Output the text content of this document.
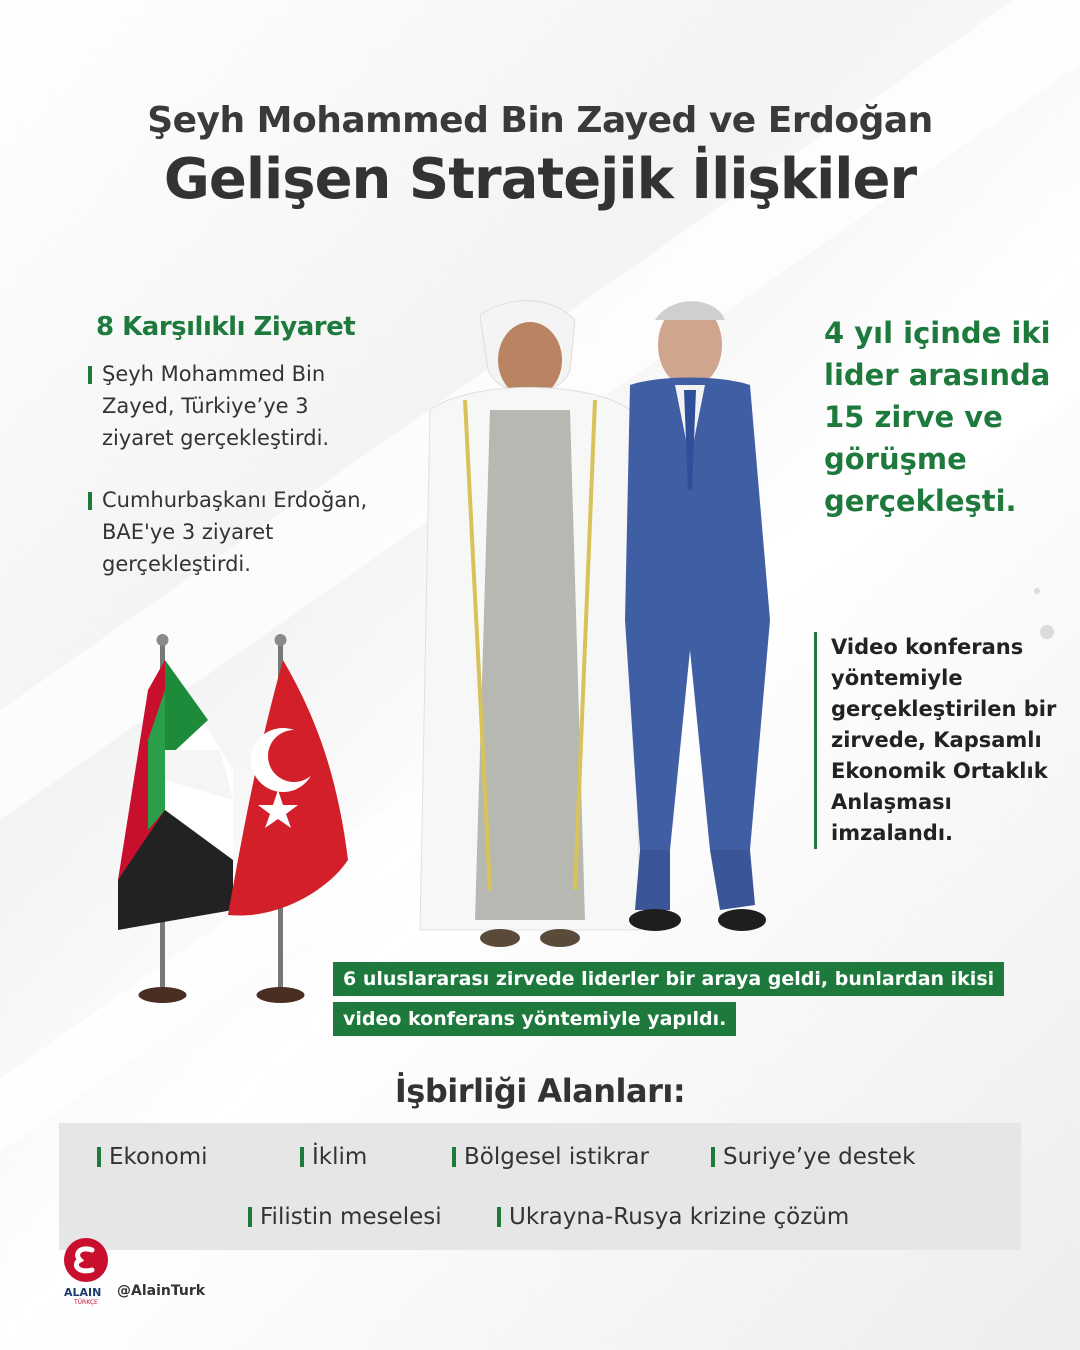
Şeyh Mohammed Bin Zayed ve Erdoğan

Gelişen Stratejik İlişkiler

8 Karşılıklı Ziyaret
Şeyh Mohammed Bin Zayed, Türkiye’ye 3 ziyaret gerçekleştirdi.
Cumhurbaşkanı Erdoğan, BAE'ye 3 ziyaret gerçekleştirdi.
4 yıl içinde iki lider arasında 15 zirve ve görüşme gerçekleşti.
Video konferans yöntemiyle gerçekleştirilen bir zirvede, Kapsamlı Ekonomik Ortaklık Anlaşması imzalandı.
6 uluslararası zirvede liderler bir araya geldi, bunlardan ikisi
video konferans yöntemiyle yapıldı.
İşbirliği Alanları:
Ekonomi	İklim	Bölgesel istikrar	Suriye’ye destek
Filistin meselesi	Ukrayna-Rusya krizine çözüm
ALAIN
TÜRKÇE
@AlainTurk
